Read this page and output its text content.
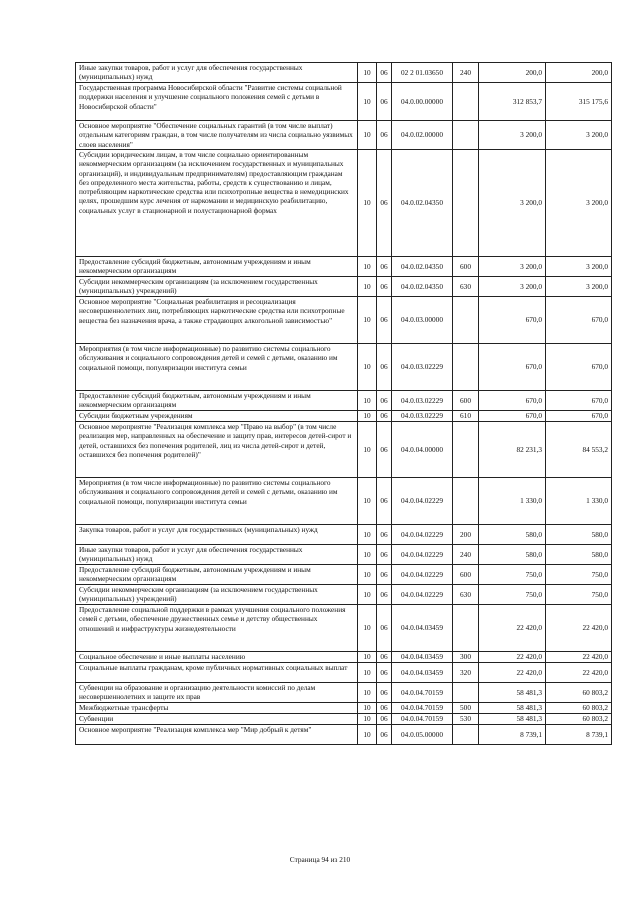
Иные закупки товаров, работ и услуг для обеспечения государственных (муниципальных) нужд	10	06	02 2 01.03650	240	200,0	200,0
Государственная программа Новосибирской области "Развитие системы социальной поддержки населения и улучшение социального положения семей с детьми в Новосибирской области"	10	06	04.0.00.00000		312 853,7	315 175,6
Основное мероприятие "Обеспечение социальных гарантий (в том числе выплат) отдельным категориям граждан, в том числе получателям из числа социально уязвимых слоев населения"	10	06	04.0.02.00000		3 200,0	3 200,0
Субсидии юридическим лицам, в том числе социально ориентированным некоммерческим организациям (за исключением государственных и муниципальных организаций), и индивидуальным предпринимателям) предоставляющим гражданам без определенного места жительства, работы, средств к существованию и лицам, потребляющим наркотические средства или психотропные вещества в немедицинских целях, прошедшим курс лечения от наркомании и медицинскую реабилитацию, социальных услуг в стационарной и полустационарной формах	10	06	04.0.02.04350		3 200,0	3 200,0
Предоставление субсидий бюджетным, автономным учреждениям и иным некоммерческим организациям	10	06	04.0.02.04350	600	3 200,0	3 200,0
Субсидии некоммерческим организациям (за исключением государственных (муниципальных) учреждений)	10	06	04.0.02.04350	630	3 200,0	3 200,0
Основное мероприятие "Социальная реабилитация и ресоциализация несовершеннолетних лиц, потребляющих наркотические средства или психотропные вещества без назначения врача, а также страдающих алкогольной зависимостью"	10	06	04.0.03.00000		670,0	670,0
Мероприятия (в том числе информационные) по развитию системы социального обслуживания и социального сопровождения детей и семей с детьми, оказанию им социальной помощи, популяризации института семьи	10	06	04.0.03.02229		670,0	670,0
Предоставление субсидий бюджетным, автономным учреждениям и иным некоммерческим организациям	10	06	04.0.03.02229	600	670,0	670,0
Субсидии бюджетным учреждениям	10	06	04.0.03.02229	610	670,0	670,0
Основное мероприятие "Реализация комплекса мер "Право на выбор" (в том числе реализация мер, направленных на обеспечение и защиту прав, интересов детей-сирот и детей, оставшихся без попечения родителей, лиц из числа детей-сирот и детей, оставшихся без попечения родителей)"	10	06	04.0.04.00000		82 231,3	84 553,2
Мероприятия (в том числе информационные) по развитию системы социального обслуживания и социального сопровождения детей и семей с детьми, оказанию им социальной помощи, популяризации института семьи	10	06	04.0.04.02229		1 330,0	1 330,0
Закупка товаров, работ и услуг для государственных (муниципальных) нужд	10	06	04.0.04.02229	200	580,0	580,0
Иные закупки товаров, работ и услуг для обеспечения государственных (муниципальных) нужд	10	06	04.0.04.02229	240	580,0	580,0
Предоставление субсидий бюджетным, автономным учреждениям и иным некоммерческим организациям	10	06	04.0.04.02229	600	750,0	750,0
Субсидии некоммерческим организациям (за исключением государственных (муниципальных) учреждений)	10	06	04.0.04.02229	630	750,0	750,0
Предоставление социальной поддержки в рамках улучшения социального положения семей с детьми, обеспечение дружественных семье и детству общественных отношений и инфраструктуры жизнедеятельности	10	06	04.0.04.03459		22 420,0	22 420,0
Социальное обеспечение и иные выплаты населению	10	06	04.0.04.03459	300	22 420,0	22 420,0
Социальные выплаты гражданам, кроме публичных нормативных социальных выплат	10	06	04.0.04.03459	320	22 420,0	22 420,0
Субвенции на образование и организацию деятельности комиссий по делам несовершеннолетних и защите их прав	10	06	04.0.04.70159		58 481,3	60 803,2
Межбюджетные трансферты	10	06	04.0.04.70159	500	58 481,3	60 803,2
Субвенции	10	06	04.0.04.70159	530	58 481,3	60 803,2
Основное мероприятие "Реализация комплекса мер "Мир добрый к детям"	10	06	04.0.05.00000		8 739,1	8 739,1
Страница 94 из 210
